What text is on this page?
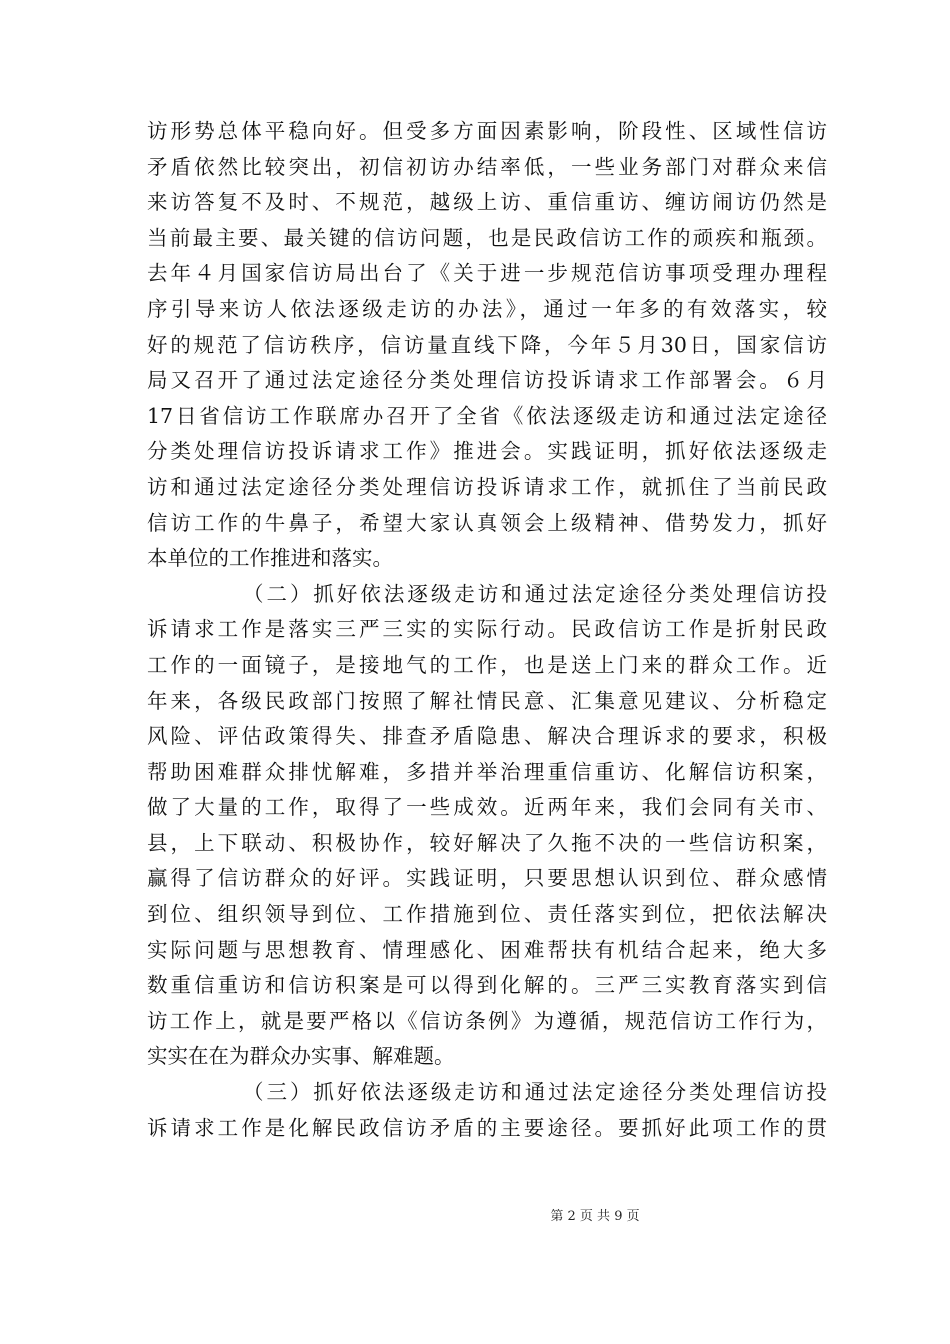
访形势总体平稳向好。但受多方面因素影响，阶段性、区域性信访
矛盾依然比较突出，初信初访办结率低，一些业务部门对群众来信
来访答复不及时、不规范，越级上访、重信重访、缠访闹访仍然是
当前最主要、最关键的信访问题，也是民政信访工作的顽疾和瓶颈。
去年４月国家信访局出台了《关于进一步规范信访事项受理办理程
序引导来访人依法逐级走访的办法》，通过一年多的有效落实，较
好的规范了信访秩序，信访量直线下降，今年５月30日，国家信访
局又召开了通过法定途径分类处理信访投诉请求工作部署会。６月
17日省信访工作联席办召开了全省《依法逐级走访和通过法定途径
分类处理信访投诉请求工作》推进会。实践证明，抓好依法逐级走
访和通过法定途径分类处理信访投诉请求工作，就抓住了当前民政
信访工作的牛鼻子，希望大家认真领会上级精神、借势发力，抓好
本单位的工作推进和落实。
（二）抓好依法逐级走访和通过法定途径分类处理信访投
诉请求工作是落实三严三实的实际行动。民政信访工作是折射民政
工作的一面镜子，是接地气的工作，也是送上门来的群众工作。近
年来，各级民政部门按照了解社情民意、汇集意见建议、分析稳定
风险、评估政策得失、排查矛盾隐患、解决合理诉求的要求，积极
帮助困难群众排忧解难，多措并举治理重信重访、化解信访积案，
做了大量的工作，取得了一些成效。近两年来，我们会同有关市、
县，上下联动、积极协作，较好解决了久拖不决的一些信访积案，
赢得了信访群众的好评。实践证明，只要思想认识到位、群众感情
到位、组织领导到位、工作措施到位、责任落实到位，把依法解决
实际问题与思想教育、情理感化、困难帮扶有机结合起来，绝大多
数重信重访和信访积案是可以得到化解的。三严三实教育落实到信
访工作上，就是要严格以《信访条例》为遵循，规范信访工作行为，
实实在在为群众办实事、解难题。
（三）抓好依法逐级走访和通过法定途径分类处理信访投
诉请求工作是化解民政信访矛盾的主要途径。要抓好此项工作的贯
第 2 页 共 9 页
